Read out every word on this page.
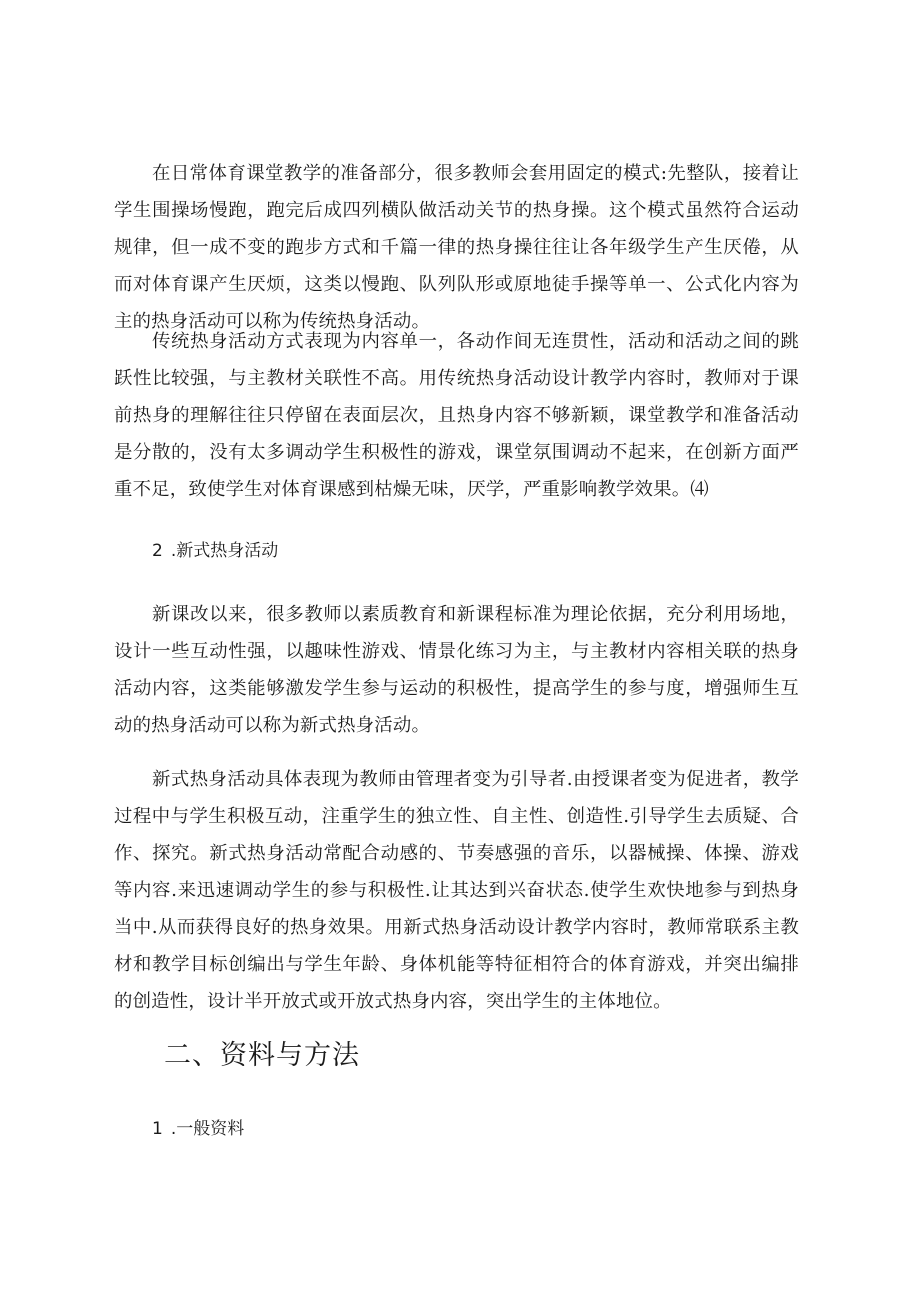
在日常体育课堂教学的准备部分，很多教师会套用固定的模式:先整队，接着让学生围操场慢跑，跑完后成四列横队做活动关节的热身操。这个模式虽然符合运动规律，但一成不变的跑步方式和千篇一律的热身操往往让各年级学生产生厌倦，从而对体育课产生厌烦，这类以慢跑、队列队形或原地徒手操等单一、公式化内容为主的热身活动可以称为传统热身活动。

传统热身活动方式表现为内容单一，各动作间无连贯性，活动和活动之间的跳跃性比较强，与主教材关联性不高。用传统热身活动设计教学内容时，教师对于课前热身的理解往往只停留在表面层次，且热身内容不够新颖，课堂教学和准备活动是分散的，没有太多调动学生积极性的游戏，课堂氛围调动不起来，在创新方面严重不足，致使学生对体育课感到枯燥无味，厌学，严重影响教学效果。⑷

2 .新式热身活动

新课改以来，很多教师以素质教育和新课程标准为理论依据，充分利用场地，设计一些互动性强，以趣味性游戏、情景化练习为主，与主教材内容相关联的热身活动内容，这类能够激发学生参与运动的积极性，提高学生的参与度，增强师生互动的热身活动可以称为新式热身活动。

新式热身活动具体表现为教师由管理者变为引导者.由授课者变为促进者，教学过程中与学生积极互动，注重学生的独立性、自主性、创造性.引导学生去质疑、合作、探究。新式热身活动常配合动感的、节奏感强的音乐，以器械操、体操、游戏等内容.来迅速调动学生的参与积极性.让其达到兴奋状态.使学生欢快地参与到热身当中.从而获得良好的热身效果。用新式热身活动设计教学内容时，教师常联系主教材和教学目标创编出与学生年龄、身体机能等特征相符合的体育游戏，并突出编排的创造性，设计半开放式或开放式热身内容，突出学生的主体地位。

二、资料与方法

1 .一般资料
